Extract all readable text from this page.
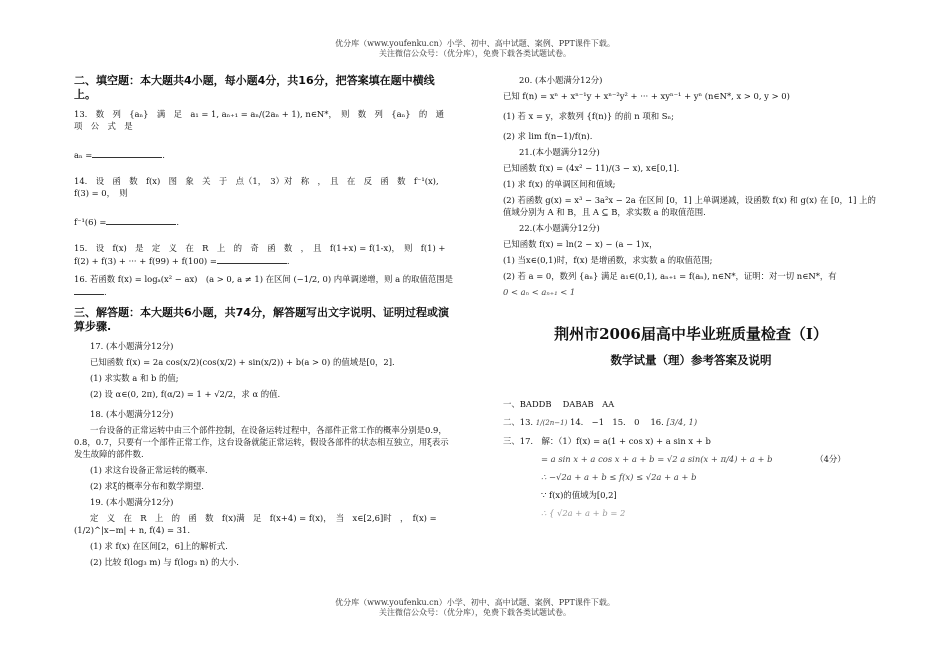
优分库（www.youfenku.cn）小学、初中、高中试题、案例、PPT课件下载。
关注微信公众号：（优分库），免费下载各类试题试卷。
二、填空题：本大题共4小题，每小题4分，共16分，把答案填在题中横线上。
13.　数　列　{aₙ}　满　足　a₁ = 1, aₙ₊₁ = aₙ/(2aₙ + 1), n∈N*，　则　数　列　{aₙ}　的　通　项　公　式　是
aₙ =	.
14.　设　函　数　f(x)　图　象　关　于　点（1，　3）对　称　，　且　在　反　函　数　f⁻¹(x), f(3) = 0，　则
f⁻¹(6) =	.
15.　设　f(x)　是　定　义　在　R　上　的　奇　函　数　，　且　f(1+x) = f(1-x)，　则　f(1) + f(2) + f(3) + ··· + f(99) + f(100) =	.
16. 若函数 f(x) = logₐ(x² − ax)　(a > 0, a ≠ 1) 在区间 (−1/2, 0) 内单调递增，则 a 的取值范围是.
三、解答题：本大题共6小题，共74分，解答题写出文字说明、证明过程或演算步骤.
17. (本小题满分12分)
已知函数 f(x) = 2a cos(x/2)(cos(x/2) + sin(x/2)) + b(a > 0) 的值域是[0，2].
(1) 求实数 a 和 b 的值;
(2) 设 α∈(0, 2π), f(α/2) = 1 + √2/2，求 α 的值.
18. (本小题满分12分)
一台设备的正常运转中由三个部件控制，在设备运转过程中，各部件正常工作的概率分别是0.9，0.8，0.7，只要有一个部件正常工作，这台设备就能正常运转，假设各部件的状态相互独立，用ξ表示发生故障的部件数.
(1) 求这台设备正常运转的概率.
(2) 求ξ的概率分布和数学期望.
19. (本小题满分12分)
定　义　在　R　上　的　函　数　f(x)满　足　f(x+4) = f(x)，　当　x∈[2,6]时　，　f(x) = (1/2)^|x−m| + n, f(4) = 31.
(1) 求 f(x) 在区间[2，6]上的解析式.
(2) 比较 f(log₃ m) 与 f(log₃ n) 的大小.
20. (本小题满分12分)
已知 f(n) = xⁿ + xⁿ⁻¹y + xⁿ⁻²y² + ··· + xyⁿ⁻¹ + yⁿ (n∈N*, x > 0, y > 0)
(1) 若 x = y，求数列 {f(n)} 的前 n 项和 Sₙ;
(2) 求 lim f(n−1)/f(n).
21.(本小题满分12分)
已知函数 f(x) = (4x² − 11)/(3 − x), x∈[0,1].
(1) 求 f(x) 的单调区间和值域;
(2) 若函数 g(x) = x³ − 3a²x − 2a 在区间 [0，1] 上单调递减，设函数 f(x) 和 g(x) 在 [0，1] 上的值域分别为 A 和 B，且 A ⊆ B，求实数 a 的取值范围.
22.(本小题满分12分)
已知函数 f(x) = ln(2 − x) − (a − 1)x，
(1) 当x∈(0,1)时，f(x) 是增函数，求实数 a 的取值范围;
(2) 若 a = 0，数列 {aₙ} 满足 a₁∈(0,1), aₙ₊₁ = f(aₙ), n∈N*，证明：对一切 n∈N*，有
0 < aₙ < aₙ₊₁ < 1
荆州市2006届高中毕业班质量检查（Ⅰ）
数学试量（理）参考答案及说明
一、BADDB　 DABAB　AA
二、13. 1/(2n−1) 14.　−1　15.　0　 16. [3/4, 1)
三、17.　解：（1）f(x) = a(1 + cos x) + a sin x + b
= a sin x + a cos x + a + b = √2 a sin(x + π/4) + a + b	（4分）
∴ −√2a + a + b ≤ f(x) ≤ √2a + a + b
∵ f(x)的值域为[0,2]
∴ { √2a + a + b = 2
优分库（www.youfenku.cn）小学、初中、高中试题、案例、PPT课件下载。
关注微信公众号：（优分库），免费下载各类试题试卷。
